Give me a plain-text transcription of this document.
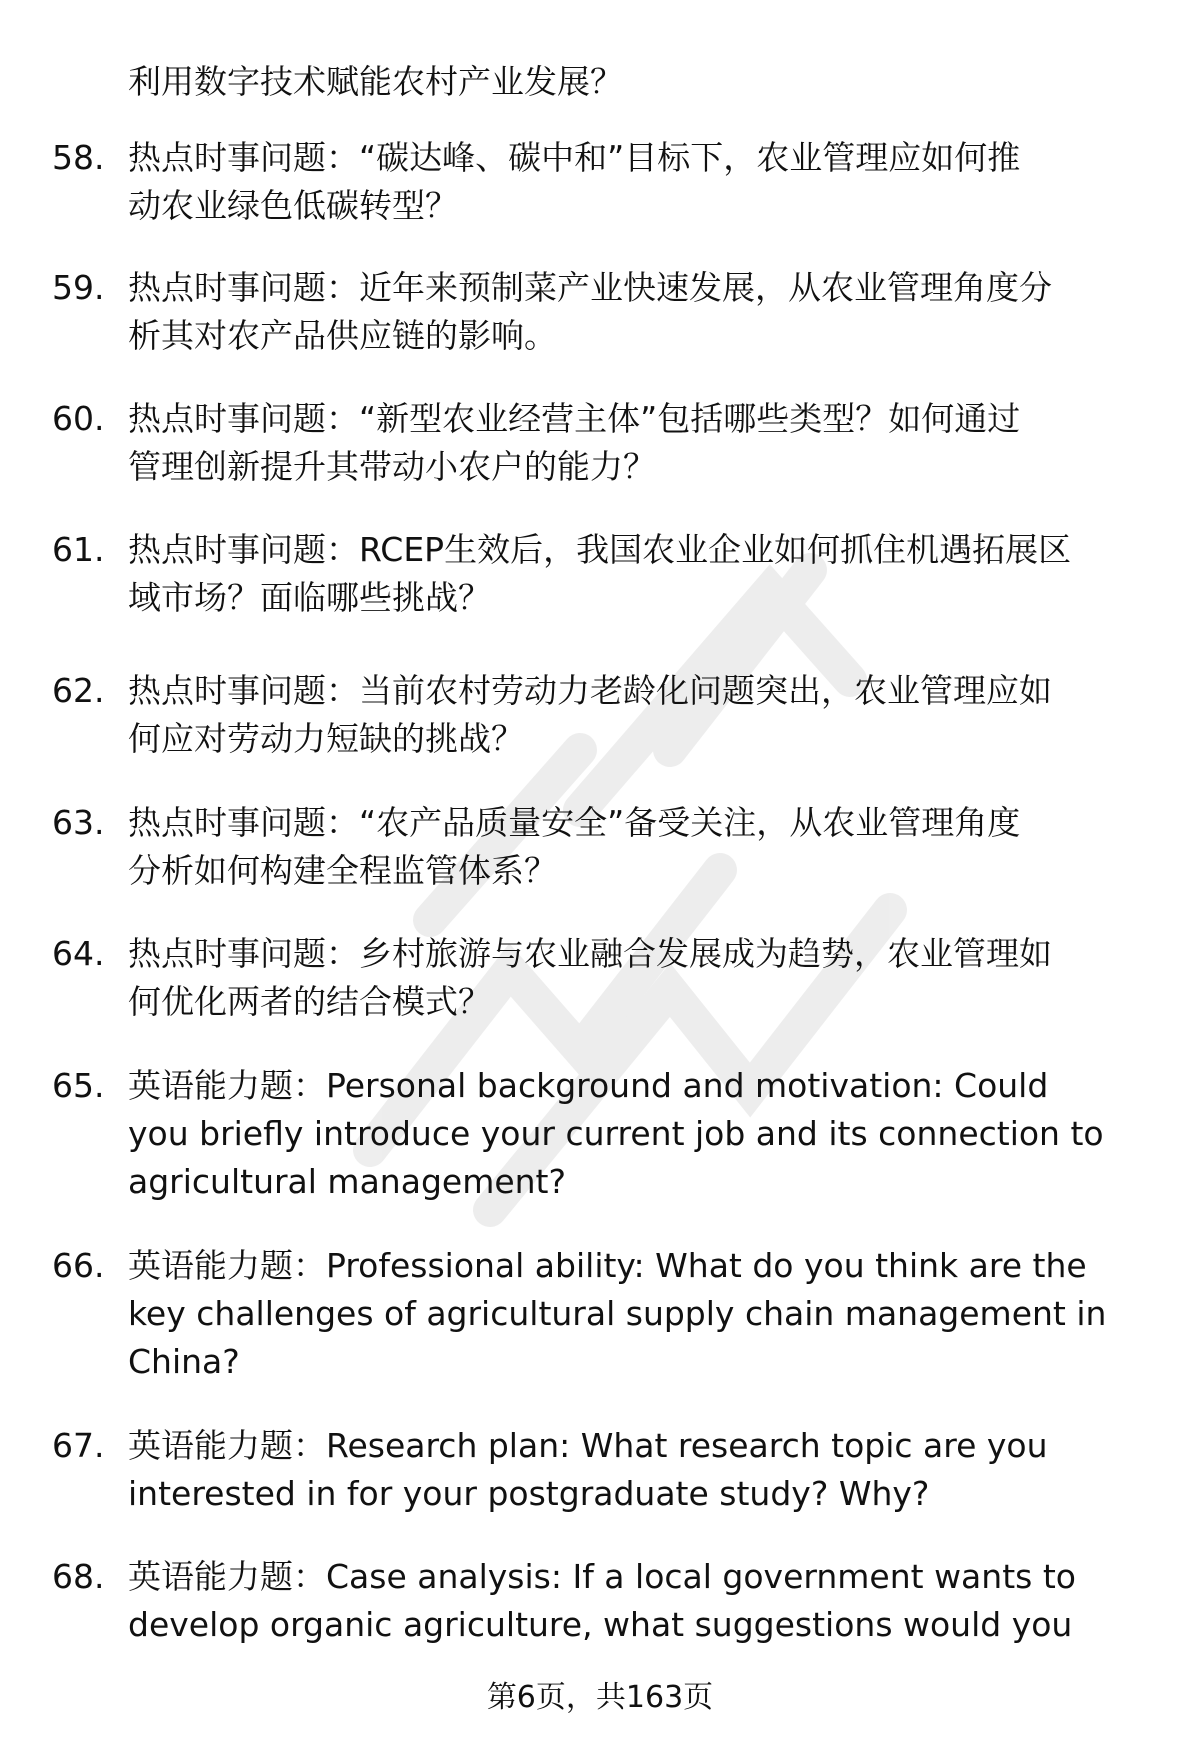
利用数字技术赋能农村产业发展？
58. 热点时事问题：“碳达峰、碳中和”目标下，农业管理应如何推
动农业绿色低碳转型？
59. 热点时事问题：近年来预制菜产业快速发展，从农业管理角度分
析其对农产品供应链的影响。
60. 热点时事问题：“新型农业经营主体”包括哪些类型？如何通过
管理创新提升其带动小农户的能力？
61. 热点时事问题：RCEP生效后，我国农业企业如何抓住机遇拓展区
域市场？面临哪些挑战？
62. 热点时事问题：当前农村劳动力老龄化问题突出，农业管理应如
何应对劳动力短缺的挑战？
63. 热点时事问题：“农产品质量安全”备受关注，从农业管理角度
分析如何构建全程监管体系？
64. 热点时事问题：乡村旅游与农业融合发展成为趋势，农业管理如
何优化两者的结合模式？
65. 英语能力题：Personal background and motivation: Could
you briefly introduce your current job and its connection to
agricultural management?
66. 英语能力题：Professional ability: What do you think are the
key challenges of agricultural supply chain management in
China?
67. 英语能力题：Research plan: What research topic are you
interested in for your postgraduate study? Why?
68. 英语能力题：Case analysis: If a local government wants to
develop organic agriculture, what suggestions would you
第6页，共163页
